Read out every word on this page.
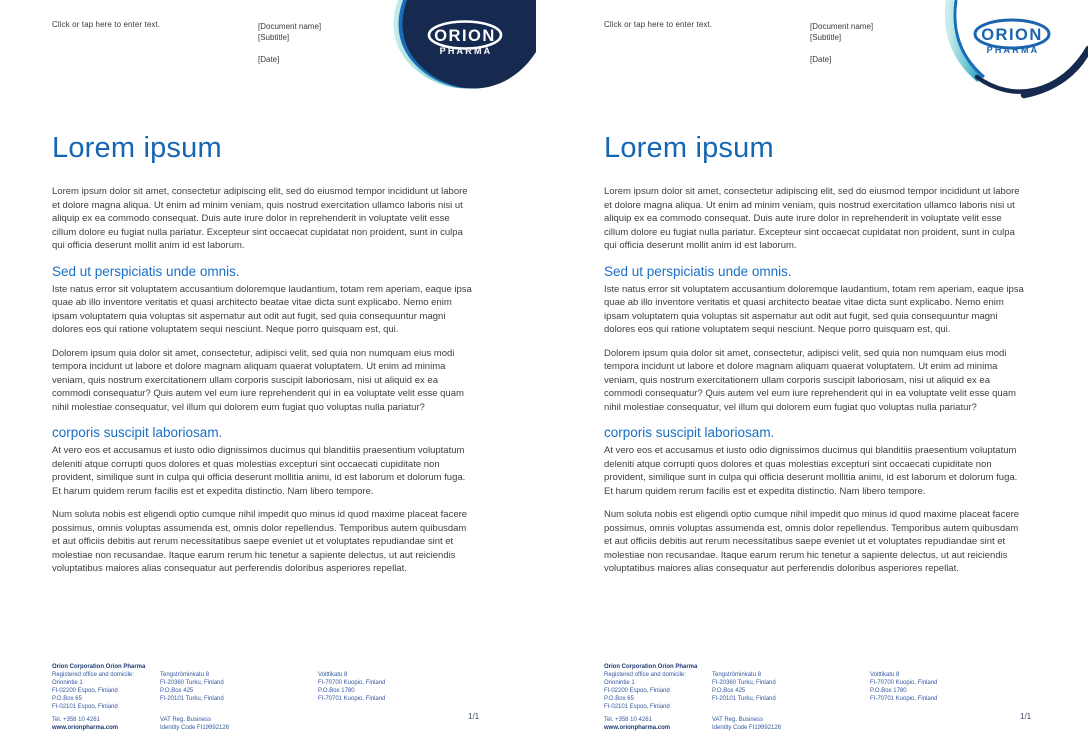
Click or tap here to enter text.	[Document name]
[Subtitle]
[Date]
ORION
PHARMA
Lorem ipsum

Lorem ipsum dolor sit amet, consectetur adipiscing elit, sed do eiusmod tempor incididunt ut labore et dolore magna aliqua. Ut enim ad minim veniam, quis nostrud exercitation ullamco laboris nisi ut aliquip ex ea commodo consequat. Duis aute irure dolor in reprehenderit in voluptate velit esse cillum dolore eu fugiat nulla pariatur. Excepteur sint occaecat cupidatat non proident, sunt in culpa qui officia deserunt mollit anim id est laborum.

Sed ut perspiciatis unde omnis.

Iste natus error sit voluptatem accusantium doloremque laudantium, totam rem aperiam, eaque ipsa quae ab illo inventore veritatis et quasi architecto beatae vitae dicta sunt explicabo. Nemo enim ipsam voluptatem quia voluptas sit aspernatur aut odit aut fugit, sed quia consequuntur magni dolores eos qui ratione voluptatem sequi nesciunt. Neque porro quisquam est, qui.

Dolorem ipsum quia dolor sit amet, consectetur, adipisci velit, sed quia non numquam eius modi tempora incidunt ut labore et dolore magnam aliquam quaerat voluptatem. Ut enim ad minima veniam, quis nostrum exercitationem ullam corporis suscipit laboriosam, nisi ut aliquid ex ea commodi consequatur? Quis autem vel eum iure reprehenderit qui in ea voluptate velit esse quam nihil molestiae consequatur, vel illum qui dolorem eum fugiat quo voluptas nulla pariatur?

corporis suscipit laboriosam.

At vero eos et accusamus et iusto odio dignissimos ducimus qui blanditiis praesentium voluptatum deleniti atque corrupti quos dolores et quas molestias excepturi sint occaecati cupiditate non provident, similique sunt in culpa qui officia deserunt mollitia animi, id est laborum et dolorum fuga. Et harum quidem rerum facilis est et expedita distinctio. Nam libero tempore.

Num soluta nobis est eligendi optio cumque nihil impedit quo minus id quod maxime placeat facere possimus, omnis voluptas assumenda est, omnis dolor repellendus. Temporibus autem quibusdam et aut officiis debitis aut rerum necessitatibus saepe eveniet ut et voluptates repudiandae sint et molestiae non recusandae. Itaque earum rerum hic tenetur a sapiente delectus, ut aut reiciendis voluptatibus maiores alias consequatur aut perferendis doloribus asperiores repellat.

Orion Corporation Orion Pharma
Registered office and domicile:
Orionintie 1
FI-02200 Espoo, Finland
P.O.Box 65
FI-02101 Espoo, Finland
Tel. +358 10 4261
www.orionpharma.com
Tengströminkatu 8
FI-20360 Turku, Finland
P.O.Box 425
FI-20101 Turku, Finland
VAT Reg. Business
Identity Code FI19992126
Volttikatu 8
FI-70700 Kuopio, Finland
P.O.Box 1780
FI-70701 Kuopio, Finland
1/1
Click or tap here to enter text.	[Document name]
[Subtitle]
[Date]
ORION
PHARMA
Lorem ipsum

Lorem ipsum dolor sit amet, consectetur adipiscing elit, sed do eiusmod tempor incididunt ut labore et dolore magna aliqua. Ut enim ad minim veniam, quis nostrud exercitation ullamco laboris nisi ut aliquip ex ea commodo consequat. Duis aute irure dolor in reprehenderit in voluptate velit esse cillum dolore eu fugiat nulla pariatur. Excepteur sint occaecat cupidatat non proident, sunt in culpa qui officia deserunt mollit anim id est laborum.

Sed ut perspiciatis unde omnis.

Iste natus error sit voluptatem accusantium doloremque laudantium, totam rem aperiam, eaque ipsa quae ab illo inventore veritatis et quasi architecto beatae vitae dicta sunt explicabo. Nemo enim ipsam voluptatem quia voluptas sit aspernatur aut odit aut fugit, sed quia consequuntur magni dolores eos qui ratione voluptatem sequi nesciunt. Neque porro quisquam est, qui.

Dolorem ipsum quia dolor sit amet, consectetur, adipisci velit, sed quia non numquam eius modi tempora incidunt ut labore et dolore magnam aliquam quaerat voluptatem. Ut enim ad minima veniam, quis nostrum exercitationem ullam corporis suscipit laboriosam, nisi ut aliquid ex ea commodi consequatur? Quis autem vel eum iure reprehenderit qui in ea voluptate velit esse quam nihil molestiae consequatur, vel illum qui dolorem eum fugiat quo voluptas nulla pariatur?

corporis suscipit laboriosam.

At vero eos et accusamus et iusto odio dignissimos ducimus qui blanditiis praesentium voluptatum deleniti atque corrupti quos dolores et quas molestias excepturi sint occaecati cupiditate non provident, similique sunt in culpa qui officia deserunt mollitia animi, id est laborum et dolorum fuga. Et harum quidem rerum facilis est et expedita distinctio. Nam libero tempore.

Num soluta nobis est eligendi optio cumque nihil impedit quo minus id quod maxime placeat facere possimus, omnis voluptas assumenda est, omnis dolor repellendus. Temporibus autem quibusdam et aut officiis debitis aut rerum necessitatibus saepe eveniet ut et voluptates repudiandae sint et molestiae non recusandae. Itaque earum rerum hic tenetur a sapiente delectus, ut aut reiciendis voluptatibus maiores alias consequatur aut perferendis doloribus asperiores repellat.

Orion Corporation Orion Pharma
Registered office and domicile:
Orionintie 1
FI-02200 Espoo, Finland
P.O.Box 65
FI-02101 Espoo, Finland
Tel. +358 10 4261
www.orionpharma.com
Tengströminkatu 8
FI-20360 Turku, Finland
P.O.Box 425
FI-20101 Turku, Finland
VAT Reg. Business
Identity Code FI19992126
Volttikatu 8
FI-70700 Kuopio, Finland
P.O.Box 1780
FI-70701 Kuopio, Finland
1/1
